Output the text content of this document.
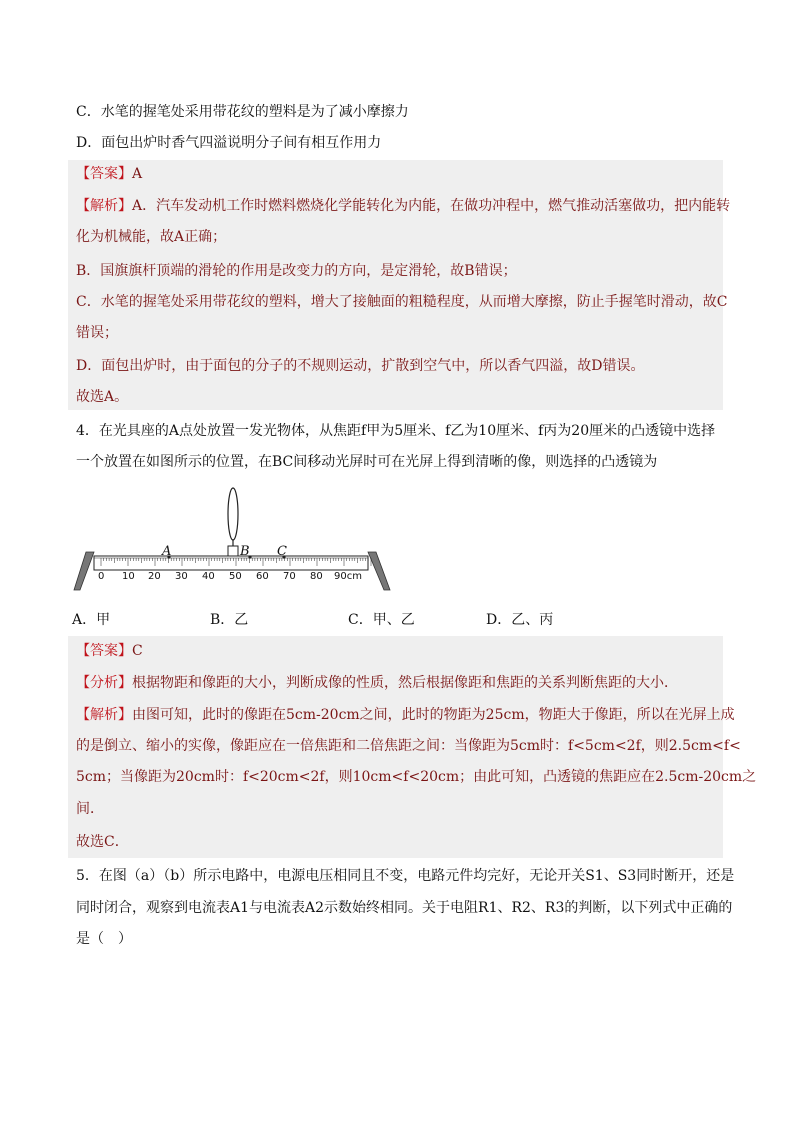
C．水笔的握笔处采用带花纹的塑料是为了减小摩擦力
D．面包出炉时香气四溢说明分子间有相互作用力
【答案】A
【解析】A．汽车发动机工作时燃料燃烧化学能转化为内能，在做功冲程中，燃气推动活塞做功，把内能转
化为机械能，故A正确；
B．国旗旗杆顶端的滑轮的作用是改变力的方向，是定滑轮，故B错误；
C．水笔的握笔处采用带花纹的塑料，增大了接触面的粗糙程度，从而增大摩擦，防止手握笔时滑动，故C
错误；
D．面包出炉时，由于面包的分子的不规则运动，扩散到空气中，所以香气四溢，故D错误。
故选A。
4．在光具座的A点处放置一发光物体，从焦距f甲为5厘米、f乙为10厘米、f丙为20厘米的凸透镜中选择
一个放置在如图所示的位置，在BC间移动光屏时可在光屏上得到清晰的像，则选择的凸透镜为
A	B C
0 10 20 30 40 50 60 70 80 90cm
A．甲	B．乙	C．甲、乙	D．乙、丙
【答案】C
【分析】根据物距和像距的大小，判断成像的性质，然后根据像距和焦距的关系判断焦距的大小．
【解析】由图可知，此时的像距在5cm-20cm之间，此时的物距为25cm，物距大于像距，所以在光屏上成
的是倒立、缩小的实像，像距应在一倍焦距和二倍焦距之间：当像距为5cm时：f<5cm<2f，则2.5cm<f<
5cm；当像距为20cm时：f<20cm<2f，则10cm<f<20cm；由此可知，凸透镜的焦距应在2.5cm-20cm之
间．
故选C．
5．在图（a）（b）所示电路中，电源电压相同且不变，电路元件均完好，无论开关S1、S3同时断开，还是
同时闭合，观察到电流表A1与电流表A2示数始终相同。关于电阻R1、R2、R3的判断，以下列式中正确的
是（　）
